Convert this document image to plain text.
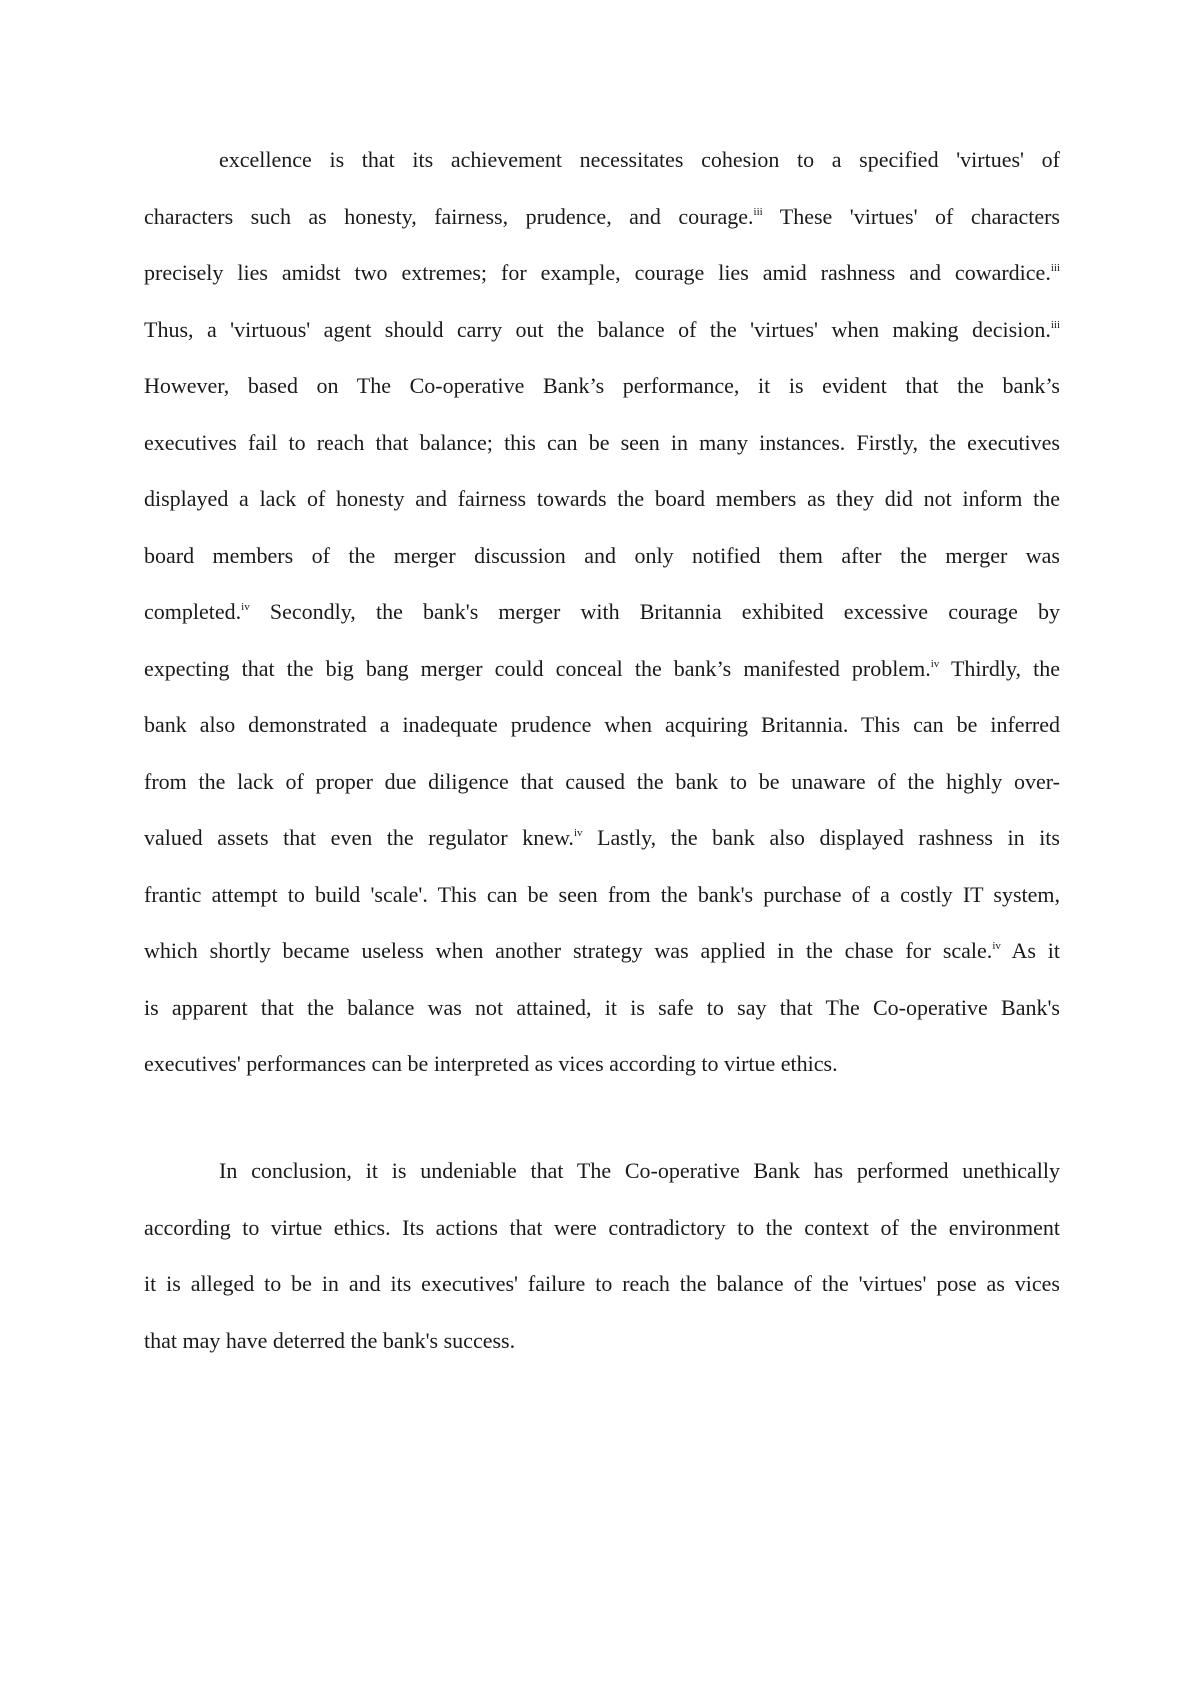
excellence is that its achievement necessitates cohesion to a specified 'virtues' of
characters such as honesty, fairness, prudence, and courage.$^{iii}$ These 'virtues' of characters
precisely lies amidst two extremes; for example, courage lies amid rashness and cowardice.$^{iii}$
Thus, a 'virtuous' agent should carry out the balance of the 'virtues' when making decision.$^{iii}$
However, based on The Co-operative Bank’s performance, it is evident that the bank’s
executives fail to reach that balance; this can be seen in many instances. Firstly, the executives
displayed a lack of honesty and fairness towards the board members as they did not inform the
board members of the merger discussion and only notified them after the merger was
completed.$^{iv}$ Secondly, the bank's merger with Britannia exhibited excessive courage by
expecting that the big bang merger could conceal the bank’s manifested problem.$^{iv}$ Thirdly, the
bank also demonstrated a inadequate prudence when acquiring Britannia. This can be inferred
from the lack of proper due diligence that caused the bank to be unaware of the highly over-
valued assets that even the regulator knew.$^{iv}$ Lastly, the bank also displayed rashness in its
frantic attempt to build 'scale'. This can be seen from the bank's purchase of a costly IT system,
which shortly became useless when another strategy was applied in the chase for scale.$^{iv}$ As it
is apparent that the balance was not attained, it is safe to say that The Co-operative Bank's
executives' performances can be interpreted as vices according to virtue ethics.
In conclusion, it is undeniable that The Co-operative Bank has performed unethically
according to virtue ethics. Its actions that were contradictory to the context of the environment
it is alleged to be in and its executives' failure to reach the balance of the 'virtues' pose as vices
that may have deterred the bank's success.
